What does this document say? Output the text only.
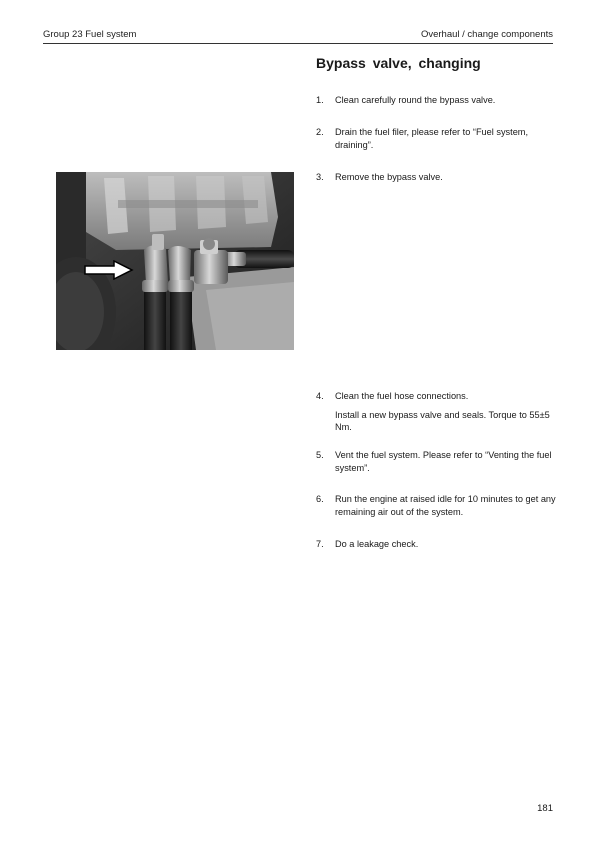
Group 23 Fuel system	Overhaul / change components
Bypass valve, changing
1. Clean carefully round the bypass valve.
2. Drain the fuel filer, please refer to “Fuel system, draining”.
3. Remove the bypass valve.
4. Clean the fuel hose connections.
Install a new bypass valve and seals. Torque to 55±5 Nm.
5. Vent the fuel system. Please refer to “Venting the fuel system”.
6. Run the engine at raised idle for 10 minutes to get any remaining air out of the system.
7. Do a leakage check.
181
